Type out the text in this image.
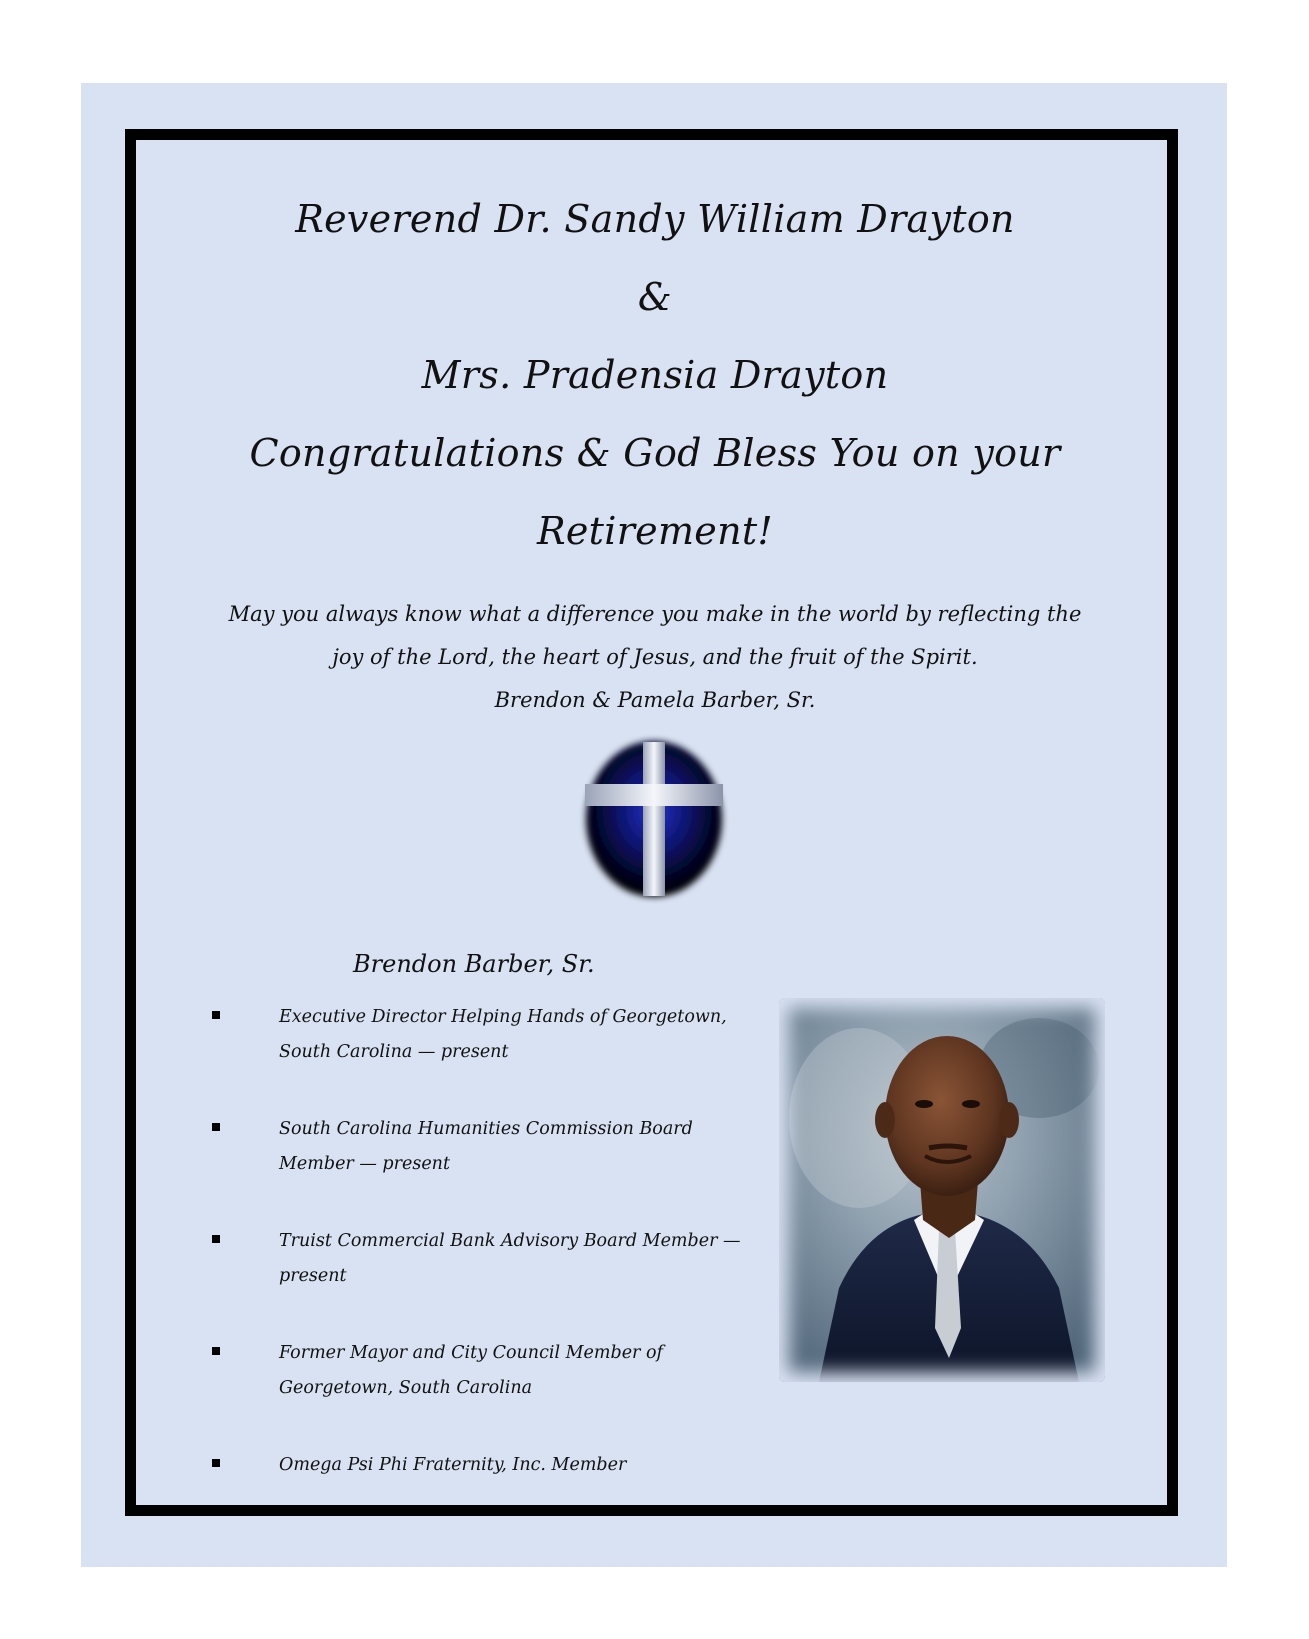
Reverend Dr. Sandy William Drayton
&
Mrs. Pradensia Drayton
Congratulations & God Bless You on your
Retirement!
May you always know what a difference you make in the world by reflecting the
joy of the Lord, the heart of Jesus, and the fruit of the Spirit.
Brendon & Pamela Barber, Sr.
Brendon Barber, Sr.
Executive Director Helping Hands of Georgetown,
South Carolina — present
South Carolina Humanities Commission Board
Member — present
Truist Commercial Bank Advisory Board Member —
present
Former Mayor and City Council Member of
Georgetown, South Carolina
Omega Psi Phi Fraternity, Inc. Member
